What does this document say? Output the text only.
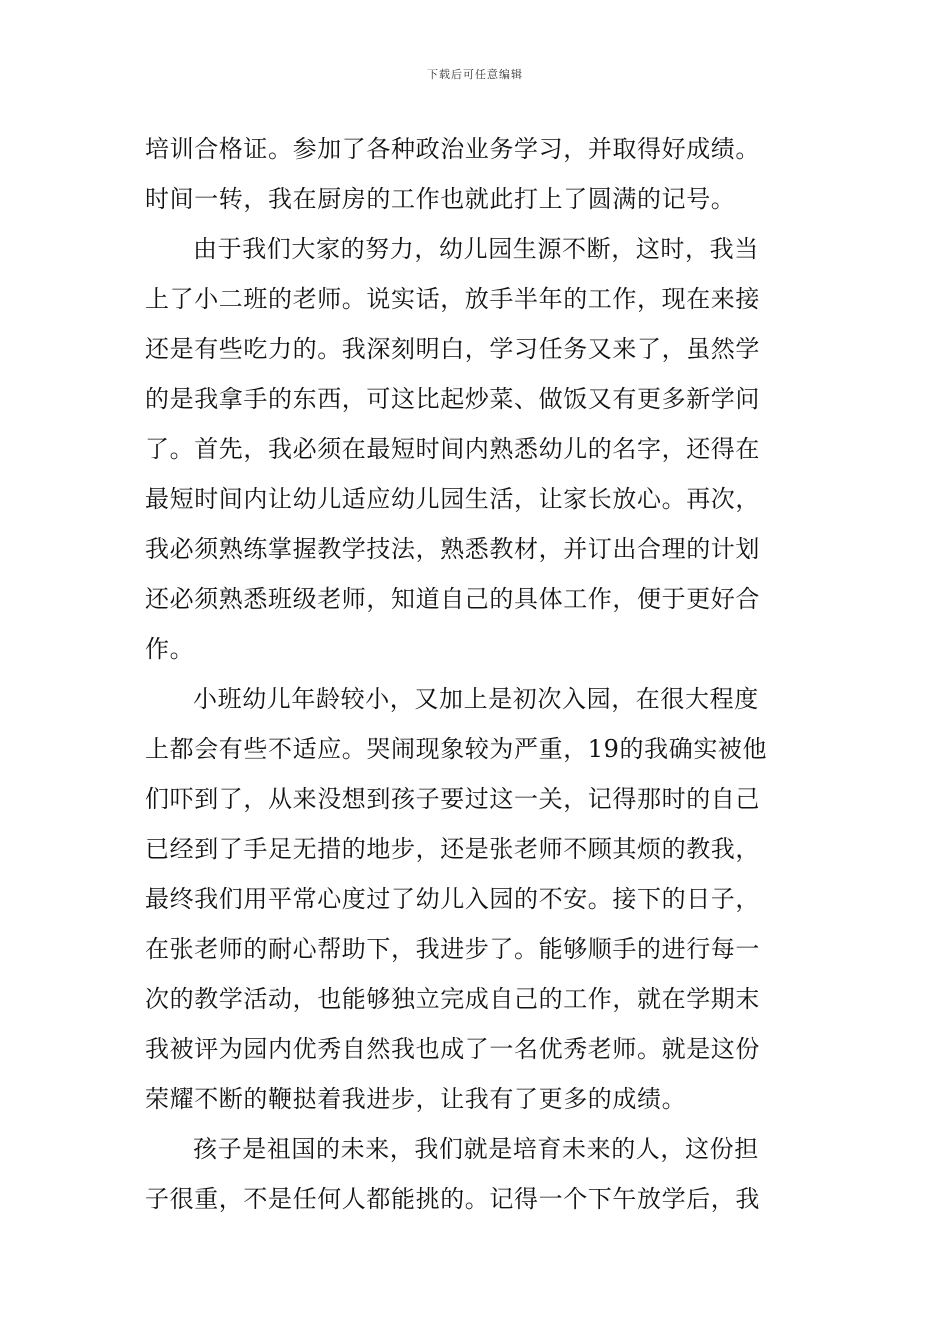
下载后可任意编辑
培训合格证。参加了各种政治业务学习，并取得好成绩。
时间一转，我在厨房的工作也就此打上了圆满的记号。
由于我们大家的努力，幼儿园生源不断，这时，我当
上了小二班的老师。说实话，放手半年的工作，现在来接
还是有些吃力的。我深刻明白，学习任务又来了，虽然学
的是我拿手的东西，可这比起炒菜、做饭又有更多新学问
了。首先，我必须在最短时间内熟悉幼儿的名字，还得在
最短时间内让幼儿适应幼儿园生活，让家长放心。再次，
我必须熟练掌握教学技法，熟悉教材，并订出合理的计划
还必须熟悉班级老师，知道自己的具体工作，便于更好合
作。
小班幼儿年龄较小，又加上是初次入园，在很大程度
上都会有些不适应。哭闹现象较为严重，19的我确实被他
们吓到了，从来没想到孩子要过这一关，记得那时的自己
已经到了手足无措的地步，还是张老师不顾其烦的教我，
最终我们用平常心度过了幼儿入园的不安。接下的日子，
在张老师的耐心帮助下，我进步了。能够顺手的进行每一
次的教学活动，也能够独立完成自己的工作，就在学期末
我被评为园内优秀自然我也成了一名优秀老师。就是这份
荣耀不断的鞭挞着我进步，让我有了更多的成绩。
孩子是祖国的未来，我们就是培育未来的人，这份担
子很重，不是任何人都能挑的。记得一个下午放学后，我
